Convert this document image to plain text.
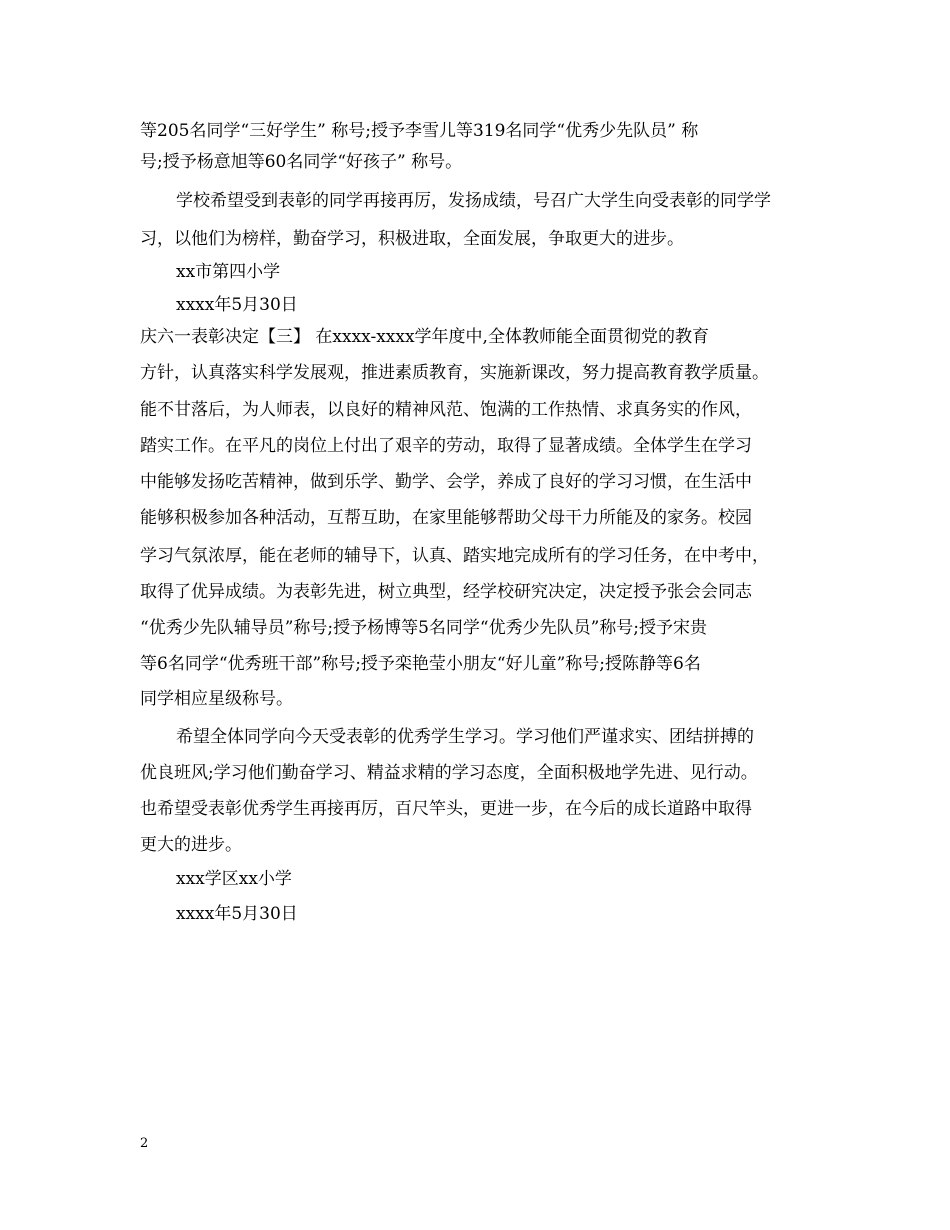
等205名同学“三好学生” 称号;授予李雪儿等319名同学“优秀少先队员” 称
号;授予杨意旭等60名同学“好孩子” 称号。
学校希望受到表彰的同学再接再厉，发扬成绩，号召广大学生向受表彰的同学学
习，以他们为榜样，勤奋学习，积极进取，全面发展，争取更大的进步。
xx市第四小学
xxxx年5月30日
庆六一表彰决定【三】 在xxxx-xxxx学年度中,全体教师能全面贯彻党的教育
方针，认真落实科学发展观，推进素质教育，实施新课改，努力提高教育教学质量。
能不甘落后，为人师表，以良好的精神风范、饱满的工作热情、求真务实的作风，
踏实工作。在平凡的岗位上付出了艰辛的劳动，取得了显著成绩。全体学生在学习
中能够发扬吃苦精神，做到乐学、勤学、会学，养成了良好的学习习惯，在生活中
能够积极参加各种活动，互帮互助，在家里能够帮助父母干力所能及的家务。校园
学习气氛浓厚，能在老师的辅导下，认真、踏实地完成所有的学习任务，在中考中，
取得了优异成绩。为表彰先进，树立典型，经学校研究决定，决定授予张会会同志
“优秀少先队辅导员”称号;授予杨博等5名同学“优秀少先队员”称号;授予宋贵
等6名同学“优秀班干部”称号;授予栾艳莹小朋友“好儿童”称号;授陈静等6名
同学相应星级称号。
希望全体同学向今天受表彰的优秀学生学习。学习他们严谨求实、团结拼搏的
优良班风;学习他们勤奋学习、精益求精的学习态度，全面积极地学先进、见行动。
也希望受表彰优秀学生再接再厉，百尺竿头，更进一步，在今后的成长道路中取得
更大的进步。
xxx学区xx小学
xxxx年5月30日
2
